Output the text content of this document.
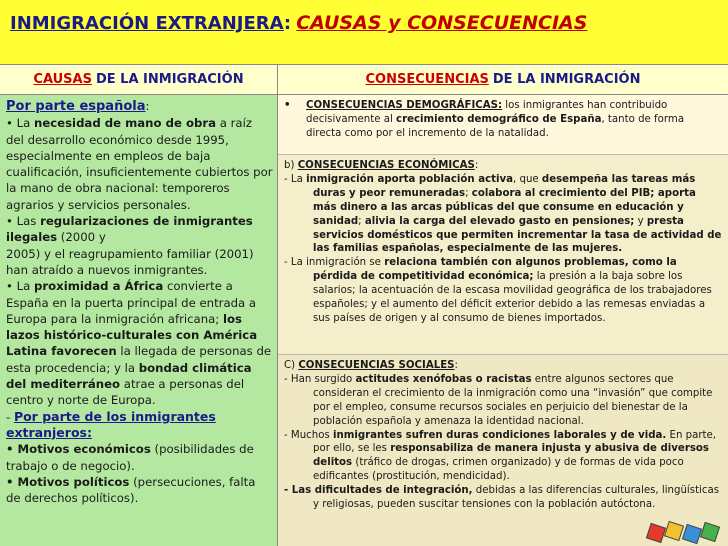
INMIGRACIÓN EXTRANJERA: CAUSAS y CONSECUENCIAS
CAUSAS DE LA INMIGRACIÓN	CONSECUENCIAS DE LA INMIGRACIÓN
Por parte española:
• La necesidad de mano de obra a raíz del desarrollo económico desde 1995, especialmente en empleos de baja cualificación, insuficientemente cubiertos por la mano de obra nacional: temporeros agrarios y servicios personales.
• Las regularizaciones de inmigrantes ilegales (2000 y
2005) y el reagrupamiento familiar (2001) han atraído a nuevos inmigrantes.
• La proximidad a África convierte a España en la puerta principal de entrada a Europa para la inmigración africana; los lazos histórico-culturales con América Latina favorecen la llegada de personas de esta procedencia; y la bondad climática del mediterráneo atrae a personas del centro y norte de Europa.
- Por parte de los inmigrantes extranjeros:
• Motivos económicos (posibilidades de trabajo o de negocio).
• Motivos políticos (persecuciones, falta de derechos políticos).
•	CONSECUENCIAS DEMOGRÁFICAS: los inmigrantes han contribuido decisivamente al crecimiento demográfico de España, tanto de forma directa como por el incremento de la natalidad.
b) CONSECUENCIAS ECONÓMICAS:
- La inmigración aporta población activa, que desempeña las tareas más duras y peor remuneradas; colabora al crecimiento del PIB; aporta más dinero a las arcas públicas del que consume en educación y sanidad; alivia la carga del elevado gasto en pensiones; y presta servicios domésticos que permiten incrementar la tasa de actividad de las familias españolas, especialmente de las mujeres.
- La inmigración se relaciona también con algunos problemas, como la pérdida de competitividad económica; la presión a la baja sobre los salarios; la acentuación de la escasa movilidad geográfica de los trabajadores españoles; y el aumento del déficit exterior debido a las remesas enviadas a sus países de origen y al consumo de bienes importados.
C) CONSECUENCIAS SOCIALES:
- Han surgido actitudes xenófobas o racistas entre algunos sectores que consideran el crecimiento de la inmigración como una “invasión” que compite por el empleo, consume recursos sociales en perjuicio del bienestar de la población española y amenaza la identidad nacional.
- Muchos inmigrantes sufren duras condiciones laborales y de vida. En parte, por ello, se les responsabiliza de manera injusta y abusiva de diversos delitos (tráfico de drogas, crimen organizado) y de formas de vida poco edificantes (prostitución, mendicidad).
- Las dificultades de integración, debidas a las diferencias culturales, lingüísticas y religiosas, pueden suscitar tensiones con la población autóctona.
